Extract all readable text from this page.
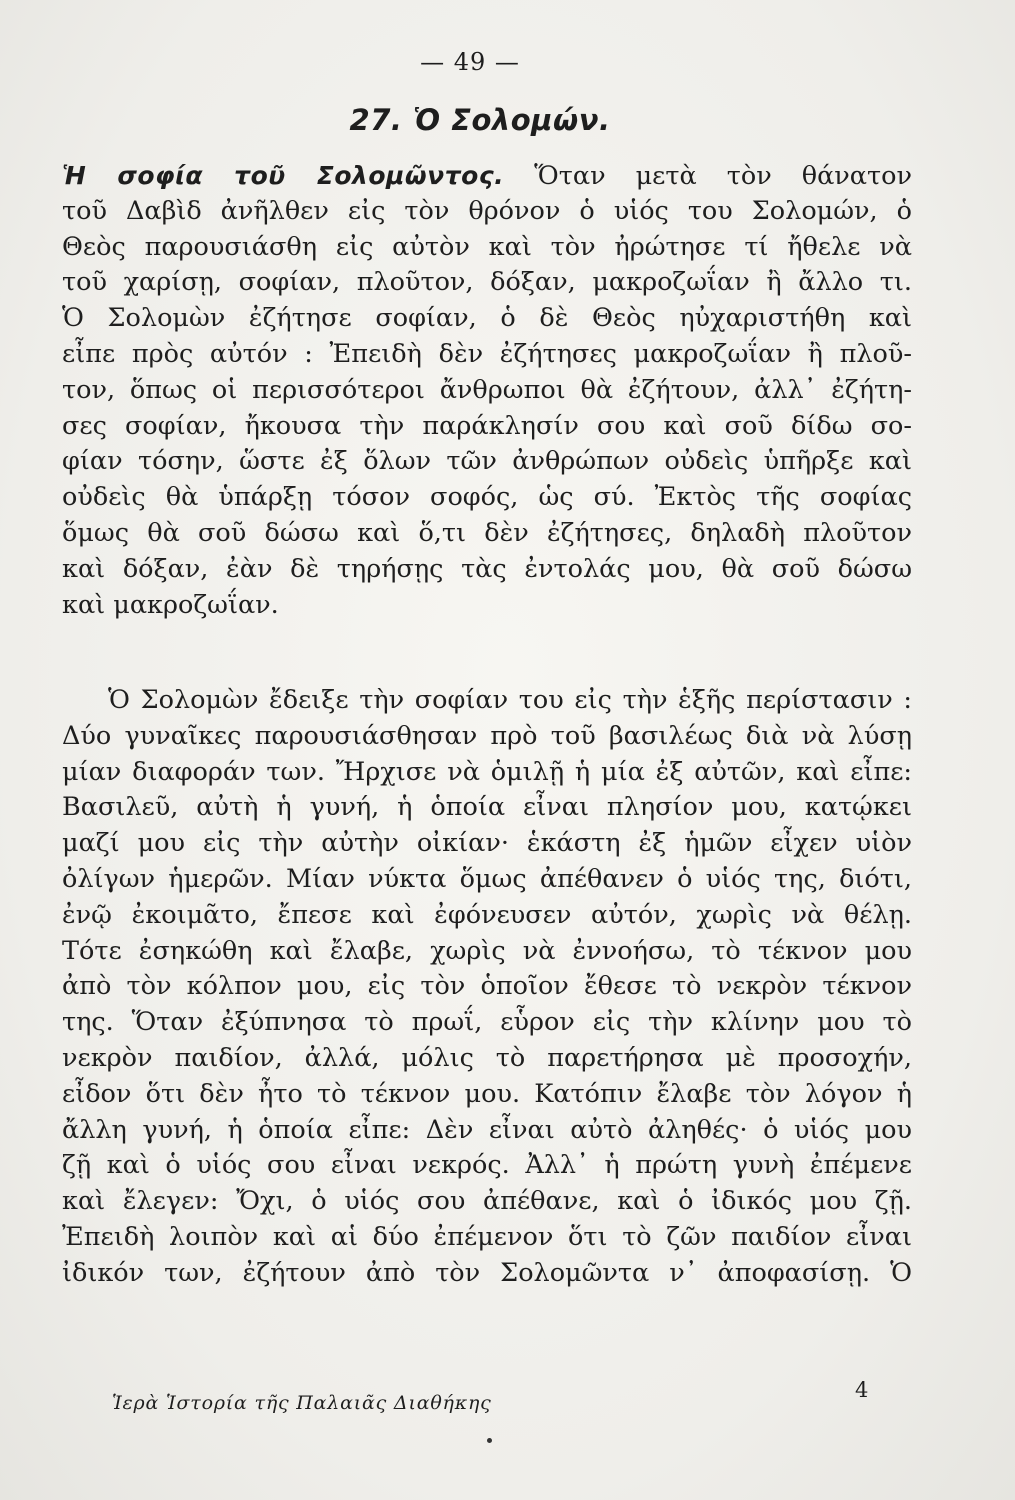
— 49 —
27. Ὁ Σολομών.
Ἡ σοφία τοῦ Σολομῶντος. Ὅταν μετὰ τὸν θάνατον
τοῦ Δαβὶδ ἀνῆλθεν εἰς τὸν θρόνον ὁ υἱός του Σολομών, ὁ
Θεὸς παρουσιάσθη εἰς αὐτὸν καὶ τὸν ἠρώτησε τί ἤθελε νὰ
τοῦ χαρίσῃ, σοφίαν, πλοῦτον, δόξαν, μακροζωΐαν ἢ ἄλλο τι.
Ὁ Σολομὼν ἐζήτησε σοφίαν, ὁ δὲ Θεὸς ηὐχαριστήθη καὶ
εἶπε πρὸς αὐτόν : Ἐπειδὴ δὲν ἐζήτησες μακροζωΐαν ἢ πλοῦ-
τον, ὅπως οἱ περισσότεροι ἄνθρωποι θὰ ἐζήτουν, ἀλλ᾽ ἐζήτη-
σες σοφίαν, ἤκουσα τὴν παράκλησίν σου καὶ σοῦ δίδω σο-
φίαν τόσην, ὥστε ἐξ ὅλων τῶν ἀνθρώπων οὐδεὶς ὑπῆρξε καὶ
οὐδεὶς θὰ ὑπάρξῃ τόσον σοφός, ὡς σύ. Ἐκτὸς τῆς σοφίας
ὅμως θὰ σοῦ δώσω καὶ ὅ,τι δὲν ἐζήτησες, δηλαδὴ πλοῦτον
καὶ δόξαν, ἐὰν δὲ τηρήσῃς τὰς ἐντολάς μου, θὰ σοῦ δώσω
καὶ μακροζωΐαν.
Ὁ Σολομὼν ἔδειξε τὴν σοφίαν του εἰς τὴν ἑξῆς περίστασιν :
Δύο γυναῖκες παρουσιάσθησαν πρὸ τοῦ βασιλέως διὰ νὰ λύσῃ
μίαν διαφοράν των. Ἤρχισε νὰ ὁμιλῇ ἡ μία ἐξ αὐτῶν, καὶ εἶπε:
Βασιλεῦ, αὐτὴ ἡ γυνή, ἡ ὁποία εἶναι πλησίον μου, κατῴκει
μαζί μου εἰς τὴν αὐτὴν οἰκίαν· ἑκάστη ἐξ ἡμῶν εἶχεν υἱὸν
ὀλίγων ἡμερῶν. Μίαν νύκτα ὅμως ἀπέθανεν ὁ υἱός της, διότι,
ἐνῷ ἐκοιμᾶτο, ἔπεσε καὶ ἐφόνευσεν αὐτόν, χωρὶς νὰ θέλῃ.
Τότε ἐσηκώθη καὶ ἔλαβε, χωρὶς νὰ ἐννοήσω, τὸ τέκνον μου
ἀπὸ τὸν κόλπον μου, εἰς τὸν ὁποῖον ἔθεσε τὸ νεκρὸν τέκνον
της. Ὅταν ἐξύπνησα τὸ πρωΐ, εὗρον εἰς τὴν κλίνην μου τὸ
νεκρὸν παιδίον, ἀλλά, μόλις τὸ παρετήρησα μὲ προσοχήν,
εἶδον ὅτι δὲν ἦτο τὸ τέκνον μου. Κατόπιν ἔλαβε τὸν λόγον ἡ
ἄλλη γυνή, ἡ ὁποία εἶπε: Δὲν εἶναι αὐτὸ ἀληθές· ὁ υἱός μου
ζῇ καὶ ὁ υἱός σου εἶναι νεκρός. Ἀλλ᾽ ἡ πρώτη γυνὴ ἐπέμενε
καὶ ἔλεγεν: Ὄχι, ὁ υἱός σου ἀπέθανε, καὶ ὁ ἰδικός μου ζῇ.
Ἐπειδὴ λοιπὸν καὶ αἱ δύο ἐπέμενον ὅτι τὸ ζῶν παιδίον εἶναι
ἰδικόν των, ἐζήτουν ἀπὸ τὸν Σολομῶντα ν᾽ ἀποφασίσῃ. Ὁ
Ἱερὰ Ἱστορία τῆς Παλαιᾶς Διαθήκης
4
